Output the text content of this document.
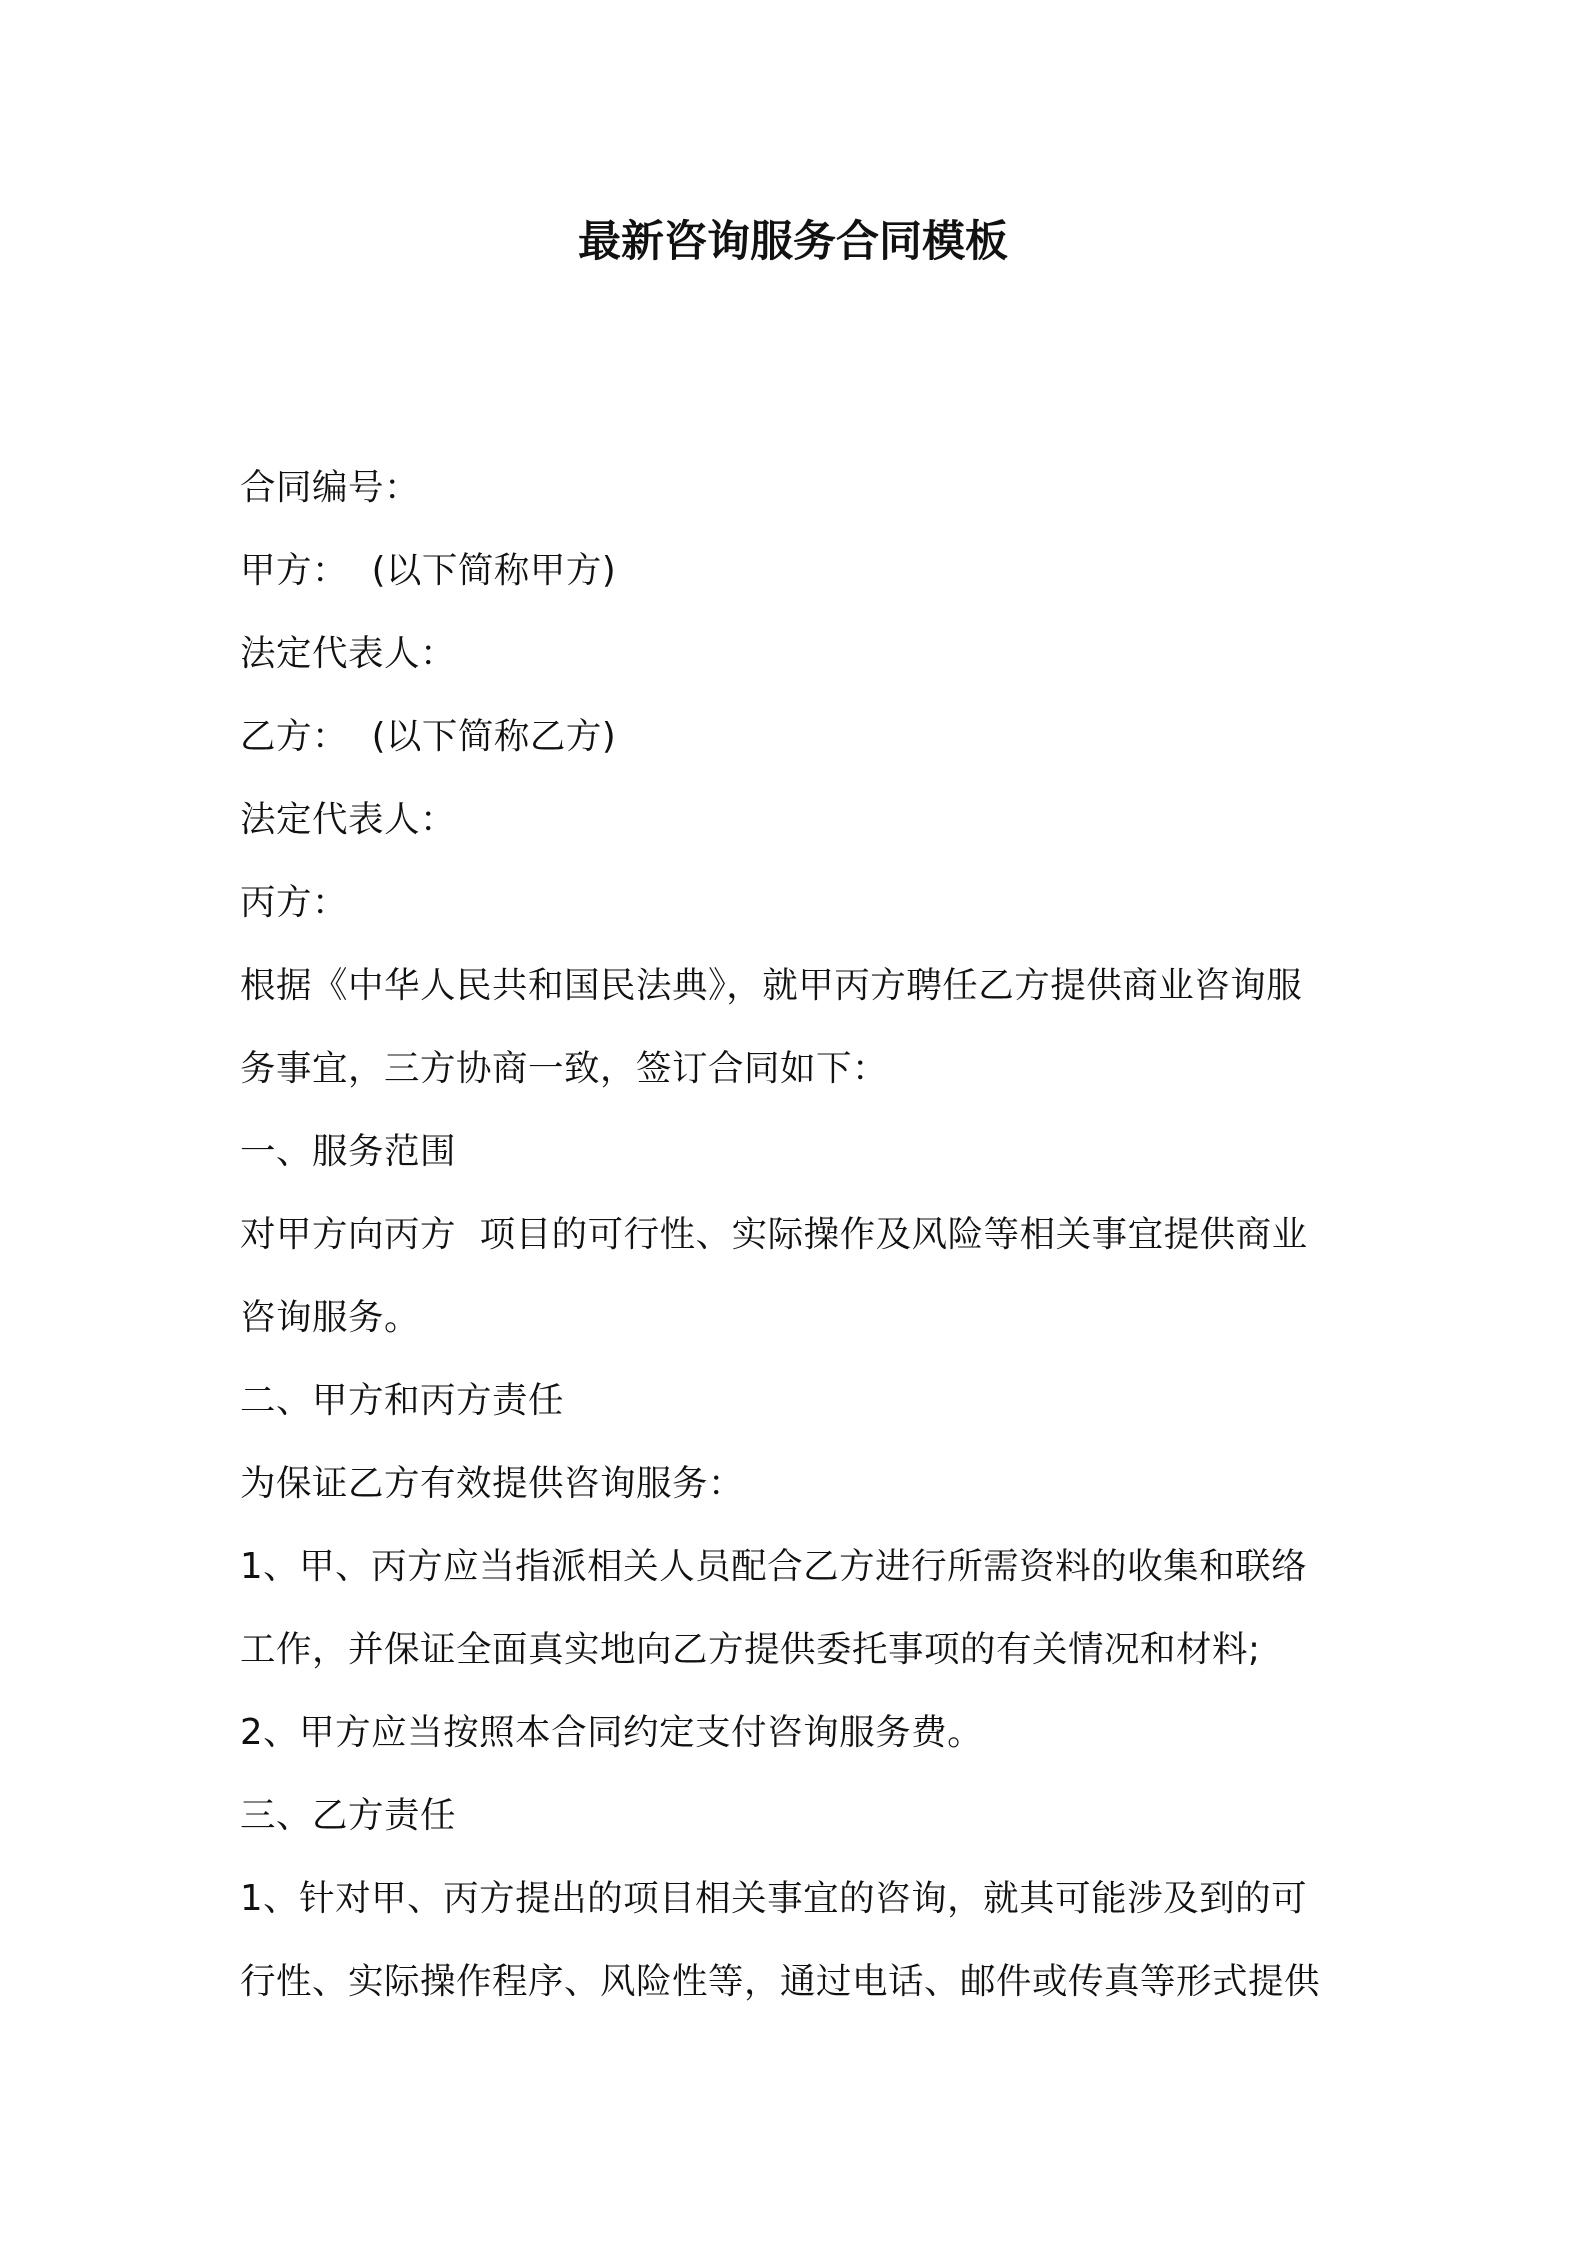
最新咨询服务合同模板
合同编号：
甲方：  (以下简称甲方)
法定代表人：
乙方：  (以下简称乙方)
法定代表人：
丙方：
根据《中华人民共和国民法典》，就甲丙方聘任乙方提供商业咨询服
务事宜，三方协商一致，签订合同如下：
一、服务范围
对甲方向丙方  项目的可行性、实际操作及风险等相关事宜提供商业
咨询服务。
二、甲方和丙方责任
为保证乙方有效提供咨询服务：
1、甲、丙方应当指派相关人员配合乙方进行所需资料的收集和联络
工作，并保证全面真实地向乙方提供委托事项的有关情况和材料;
2、甲方应当按照本合同约定支付咨询服务费。
三、乙方责任
1、针对甲、丙方提出的项目相关事宜的咨询，就其可能涉及到的可
行性、实际操作程序、风险性等，通过电话、邮件或传真等形式提供
